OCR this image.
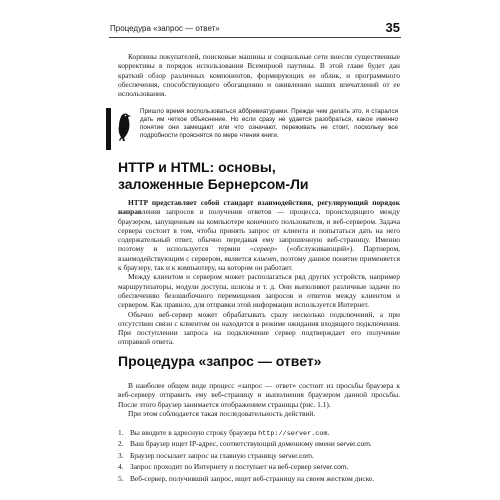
Процедура «запрос — ответ»	35

Корпины покупателей, поисковые машины и социальные сети внесли существенные коррективы в порядок использования Всемирной паутины. В этой главе будет дан краткий обзор различных компонентов, формирующих ее облик, и программного обеспечения, способствующего обогащению и оживлению наших впечатлений от ее использования.

Пришло время воспользоваться аббревиатурами. Прежде чем делать это, я старался дать им четкое объяснение. Но если сразу не удается разобраться, какое именно понятие они замещают или что означают, переживать не стоит, поскольку все подробности прояснятся по мере чтения книги.
HTTP и HTML: основы,
заложенные Бернерсом-Ли

HTTP представляет собой стандарт взаимодействия, регулирующий порядок направления запросов и получения ответов — процесса, происходящего между браузером, запущенным на компьютере конечного пользователя, и веб-сервером. Задача сервера состоит в том, чтобы принять запрос от клиента и попытаться дать на него содержательный ответ, обычно передавая ему запрошенную веб-страницу. Именно поэтому и используется термин «сервер» («обслуживающий»). Партнером, взаимодействующим с сервером, является клиент, поэтому данное понятие применяется к браузеру, так и к компьютеру, на котором он работает.

Между клиентом и сервером может располагаться ряд других устройств, например маршрутизаторы, модули доступа, шлюзы и т. д. Они выполняют различные задачи по обеспечению безошибочного перемещения запросов и ответов между клиентом и сервером. Как правило, для отправки этой информации используется Интернет.

Обычно веб-сервер может обрабатывать сразу несколько подключений, а при отсутствии связи с клиентом он находится в режиме ожидания входящего подключения. При поступлении запроса на подключение сервер подтверждает его получение отправкой ответа.

Процедура «запрос — ответ»

В наиболее общем виде процесс «запрос — ответ» состоит из просьбы браузера к веб-серверу отправить ему веб-страницу и выполнения браузером данной просьбы. После этого браузер занимается отображением страницы (рис. 1.1).

При этом соблюдается такая последовательность действий.

1. Вы вводите в адресную строку браузера http://server.com.
2. Ваш браузер ищет IP-адрес, соответствующий доменному имени server.com.
3. Браузер посылает запрос на главную страницу server.com.
4. Запрос проходит по Интернету и поступает на веб-сервер server.com.
5. Веб-сервер, получивший запрос, ищет веб-страницу на своем жестком диске.
